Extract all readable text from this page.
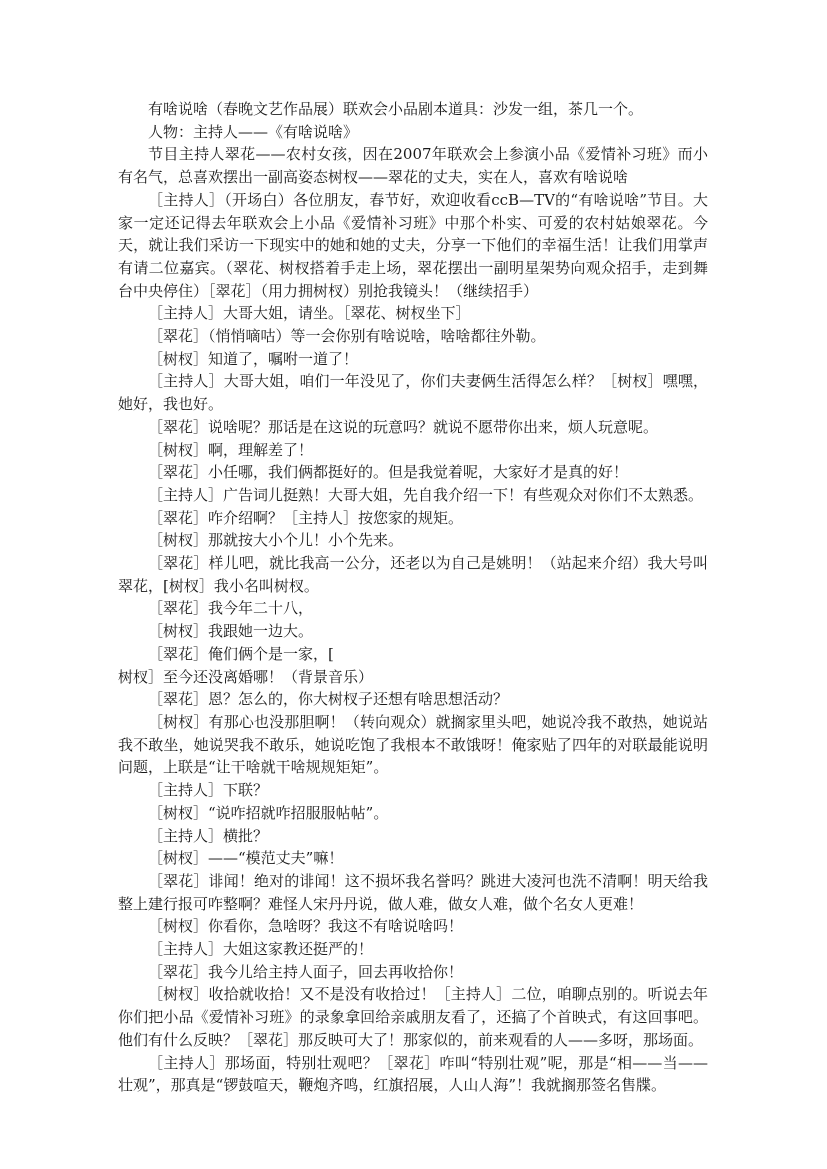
有啥说啥（春晚文艺作品展）联欢会小品剧本道具：沙发一组，茶几一个。

人物：主持人——《有啥说啥》

节目主持人翠花——农村女孩，因在2007年联欢会上参演小品《爱情补习班》而小有名气，总喜欢摆出一副高姿态树杈——翠花的丈夫，实在人，喜欢有啥说啥

［主持人］（开场白）各位朋友，春节好，欢迎收看ccB—TV的“有啥说啥”节目。大家一定还记得去年联欢会上小品《爱情补习班》中那个朴实、可爱的农村姑娘翠花。今天，就让我们采访一下现实中的她和她的丈夫，分享一下他们的幸福生活！让我们用掌声有请二位嘉宾。（翠花、树杈搭着手走上场，翠花摆出一副明星架势向观众招手，走到舞台中央停住）［翠花］（用力拥树杈）别抢我镜头！（继续招手）

［主持人］大哥大姐，请坐。［翠花、树杈坐下］

［翠花］（悄悄嘀咕）等一会你别有啥说啥，啥啥都往外勒。

［树杈］知道了，嘱咐一道了！

［主持人］大哥大姐，咱们一年没见了，你们夫妻俩生活得怎么样？［树杈］嘿嘿，她好，我也好。

［翠花］说啥呢？那话是在这说的玩意吗？就说不愿带你出来，烦人玩意呢。

［树杈］啊，理解差了！

［翠花］小任哪，我们俩都挺好的。但是我觉着呢，大家好才是真的好！

［主持人］广告词儿挺熟！大哥大姐，先自我介绍一下！有些观众对你们不太熟悉。

［翠花］咋介绍啊？［主持人］按您家的规矩。

［树杈］那就按大小个儿！小个先来。

［翠花］样儿吧，就比我高一公分，还老以为自己是姚明！（站起来介绍）我大号叫翠花，[树杈］我小名叫树杈。

［翠花］我今年二十八，

［树杈］我跟她一边大。

［翠花］俺们俩个是一家，[

树杈］至今还没离婚哪！（背景音乐）

［翠花］恩？怎么的，你大树杈子还想有啥思想活动？

［树杈］有那心也没那胆啊！（转向观众）就搁家里头吧，她说冷我不敢热，她说站我不敢坐，她说哭我不敢乐，她说吃饱了我根本不敢饿呀！俺家贴了四年的对联最能说明问题，上联是“让干啥就干啥规规矩矩”。

［主持人］下联？

［树杈］“说咋招就咋招服服帖帖”。

［主持人］横批？

［树杈］——“模范丈夫”嘛！

［翠花］诽闻！绝对的诽闻！这不损坏我名誉吗？跳进大凌河也洗不清啊！明天给我整上建行报可咋整啊？难怪人宋丹丹说，做人难，做女人难，做个名女人更难！

［树杈］你看你，急啥呀？我这不有啥说啥吗！

［主持人］大姐这家教还挺严的！

［翠花］我今儿给主持人面子，回去再收拾你！

［树杈］收拾就收拾！又不是没有收拾过！［主持人］二位，咱聊点别的。听说去年你们把小品《爱情补习班》的录象拿回给亲戚朋友看了，还搞了个首映式，有这回事吧。他们有什么反映？［翠花］那反映可大了！那家似的，前来观看的人——多呀，那场面。

［主持人］那场面，特别壮观吧？［翠花］咋叫“特别壮观”呢，那是“相——当——壮观”，那真是“锣鼓喧天，鞭炮齐鸣，红旗招展，人山人海”！我就搁那签名售牒。
